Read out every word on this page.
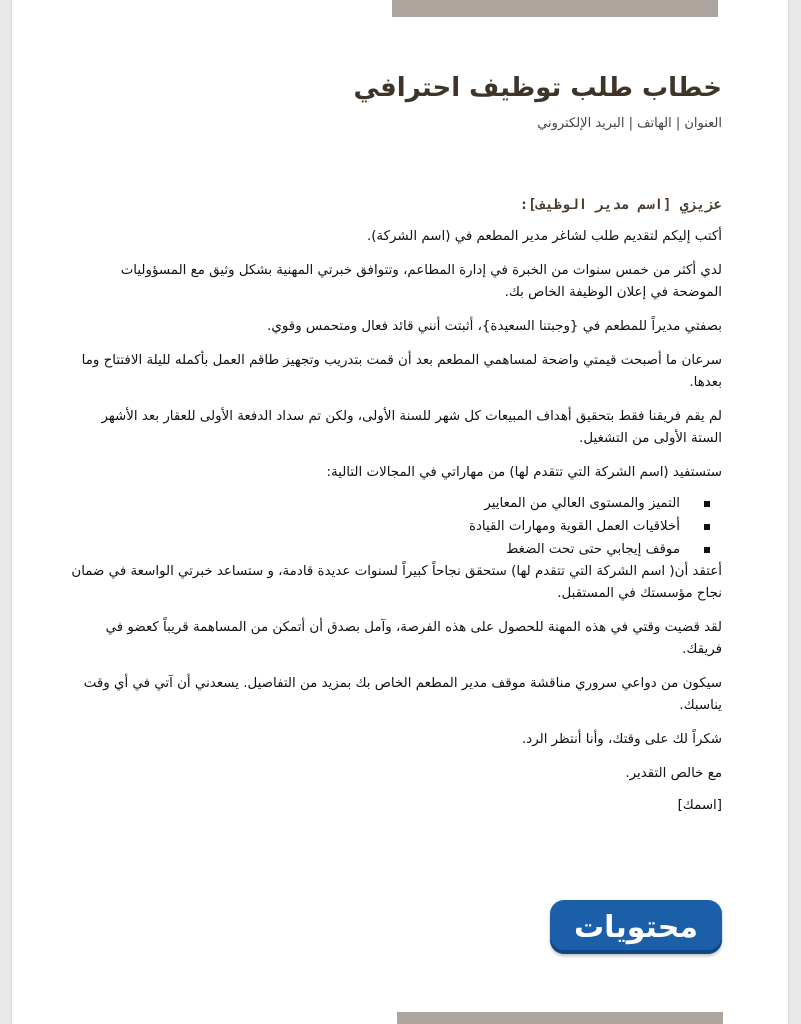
خطاب طلب توظيف احترافي

العنوان | الهاتف | البريد الإلكتروني

عزيزي [اسم مدير الوظيف]:

أكتب إليكم لتقديم طلب لشاغر مدير المطعم في (اسم الشركة).

لدي أكثر من خمس سنوات من الخبرة في إدارة المطاعم، وتتوافق خبرتي المهنية بشكل وثيق مع المسؤوليات الموضحة في إعلان الوظيفة الخاص بك.

بصفتي مديراً للمطعم في {وجبتنا السعيدة}، أثبتت أنني قائد فعال ومتحمس وقوي.

سرعان ما أصبحت قيمتي واضحة لمساهمي المطعم بعد أن قمت بتدريب وتجهيز طاقم العمل بأكمله لليلة الافتتاح وما بعدها.

لم يقم فريقنا فقط بتحقيق أهداف المبيعات كل شهر للسنة الأولى، ولكن تم سداد الدفعة الأولى للعقار بعد الأشهر الستة الأولى من التشغيل.

ستستفيد (اسم الشركة التي تتقدم لها) من مهاراتي في المجالات التالية:

التميز والمستوى العالي من المعايير
أخلاقيات العمل القوية ومهارات القيادة
موقف إيجابي حتى تحت الضغط

أعتقد أن( اسم الشركة التي تتقدم لها) ستحقق نجاحاً كبيراً لسنوات عديدة قادمة، و ستساعد خبرتي الواسعة في ضمان نجاح مؤسستك في المستقبل.

لقد قضيت وقتي في هذه المهنة للحصول على هذه الفرصة، وآمل بصدق أن أتمكن من المساهمة قريباً كعضو في فريقك.

سيكون من دواعي سروري مناقشة موقف مدير المطعم الخاص بك بمزيد من التفاصيل. يسعدني أن آتي في أي وقت يناسبك.

شكراً لك على وقتك، وأنا أنتظر الرد.

مع خالص التقدير.

[اسمك]

محتويات
